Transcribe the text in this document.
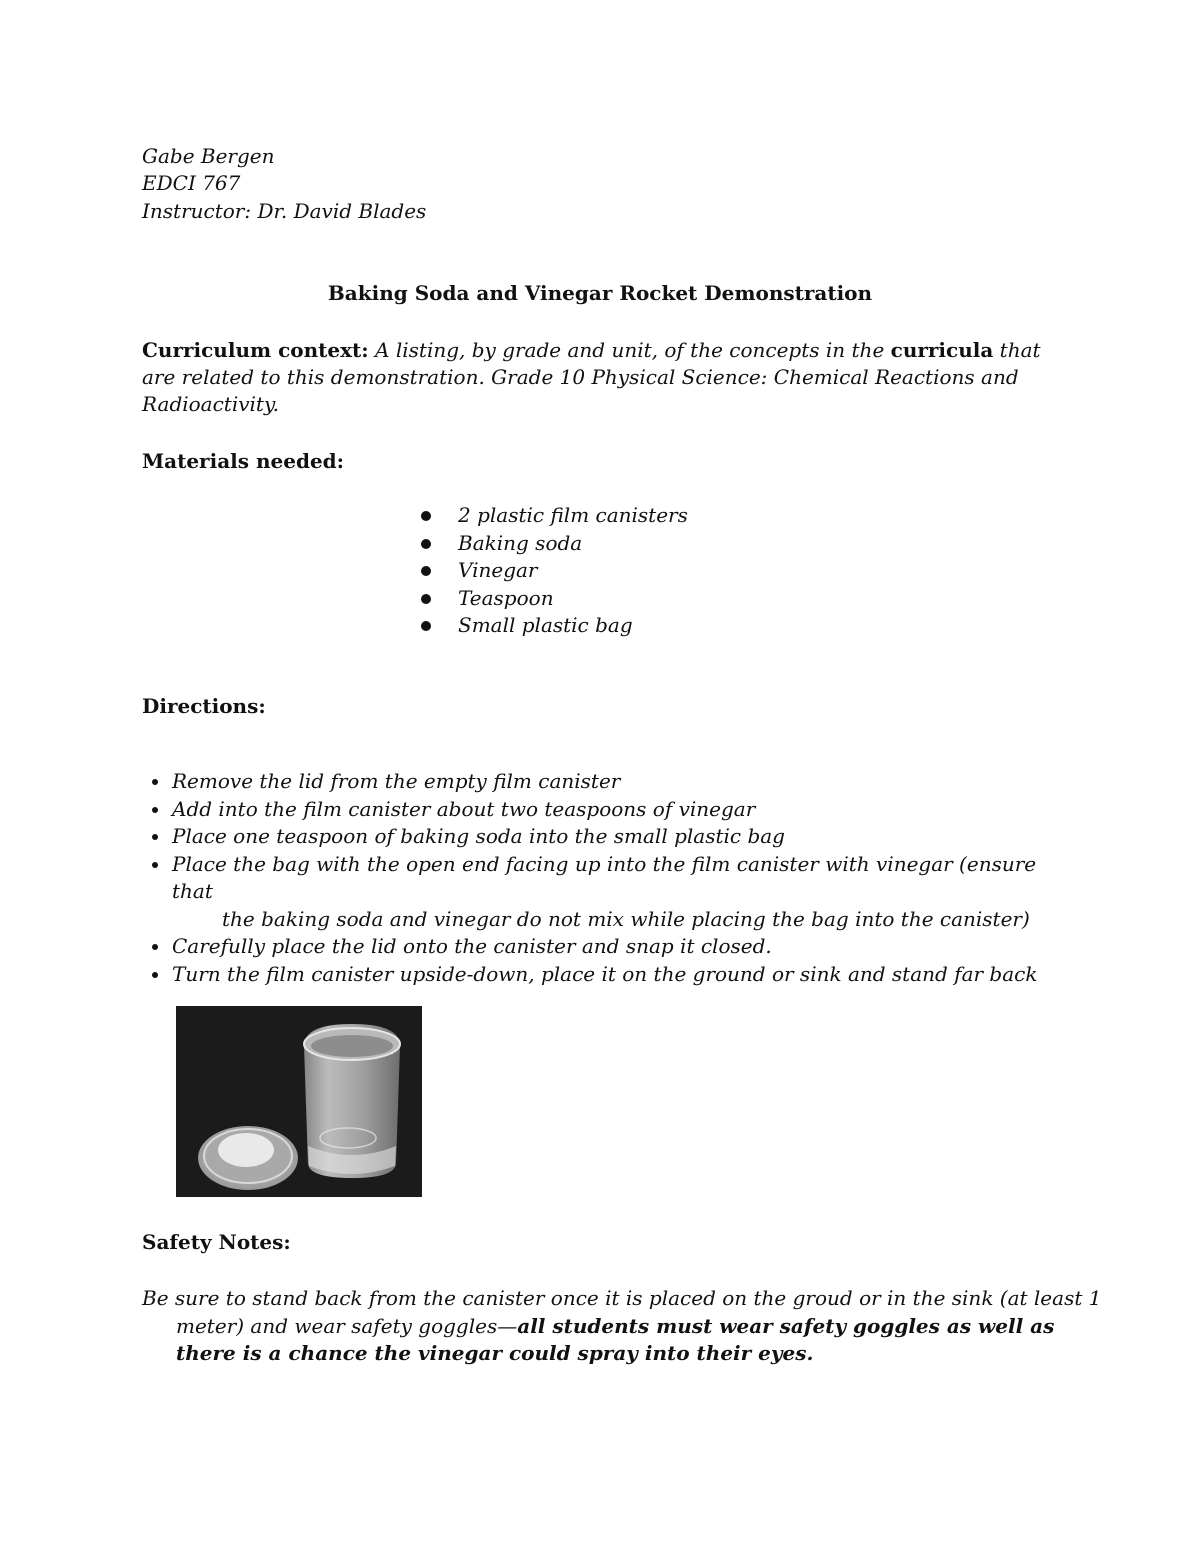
Gabe Bergen
EDCI 767
Instructor: Dr. David Blades
Baking Soda and Vinegar Rocket Demonstration
Curriculum context: A listing, by grade and unit, of the concepts in the curricula that are related to this demonstration. Grade 10 Physical Science: Chemical Reactions and Radioactivity.
Materials needed:
2 plastic film canisters
Baking soda
Vinegar
Teaspoon
Small plastic bag
Directions:
Remove the lid from the empty film canister
Add into the film canister about two teaspoons of vinegar
Place one teaspoon of baking soda into the small plastic bag
Place the bag with the open end facing up into the film canister with vinegar (ensure that
the baking soda and vinegar do not mix while placing the bag into the canister)
Carefully place the lid onto the canister and snap it closed.
Turn the film canister upside-down, place it on the ground or sink and stand far back
Safety Notes:
Be sure to stand back from the canister once it is placed on the groud or in the sink (at least 1
meter) and wear safety goggles—all students must wear safety goggles as well as
there is a chance the vinegar could spray into their eyes.
